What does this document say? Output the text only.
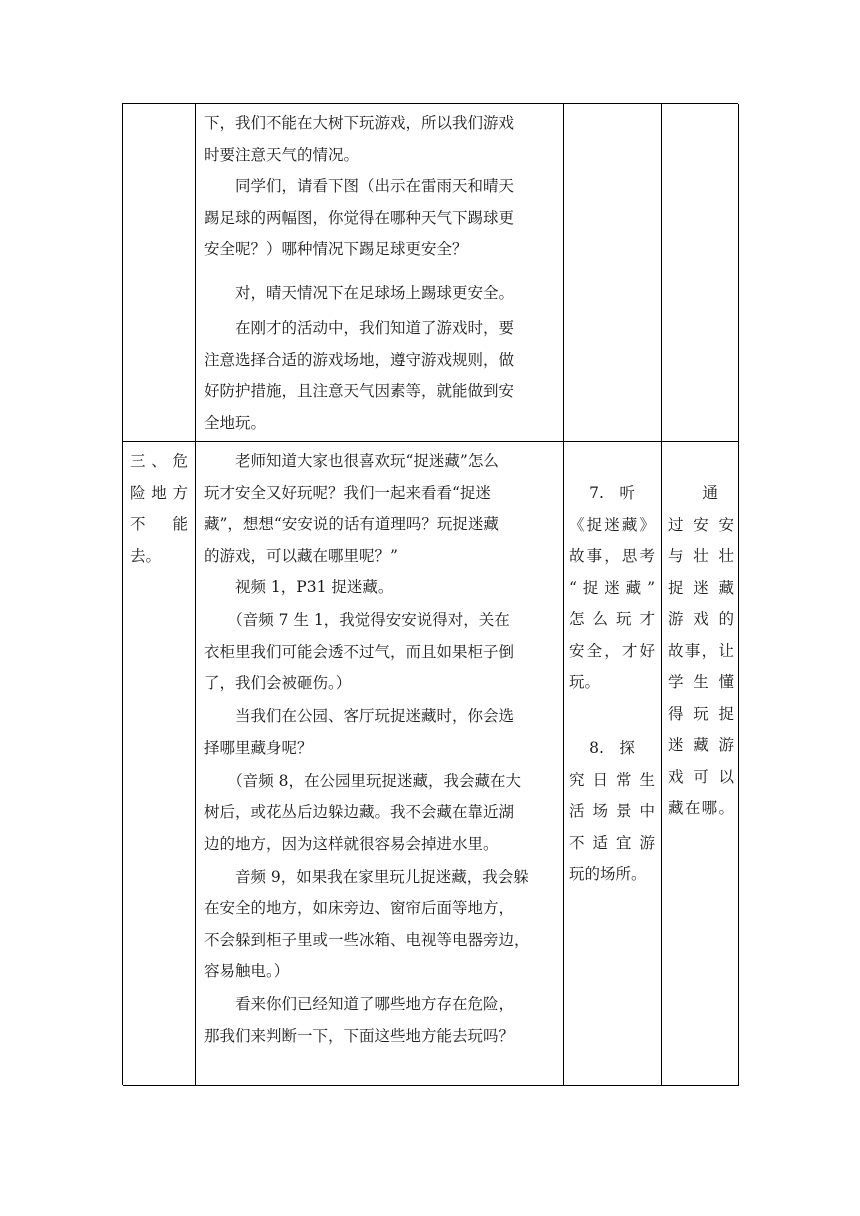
下，我们不能在大树下玩游戏，所以我们游戏
时要注意天气的情况。
　　同学们，请看下图（出示在雷雨天和晴天
踢足球的两幅图，你觉得在哪种天气下踢球更
安全呢？）哪种情况下踢足球更安全？
　　对，晴天情况下在足球场上踢球更安全。
　　在刚才的活动中，我们知道了游戏时，要
注意选择合适的游戏场地，遵守游戏规则，做
好防护措施，且注意天气因素等，就能做到安
全地玩。
三、危
险地方
不　能
去。
　　老师知道大家也很喜欢玩“捉迷藏”怎么
玩才安全又好玩呢？我们一起来看看“捉迷
藏”，想想“安安说的话有道理吗？玩捉迷藏
的游戏，可以藏在哪里呢？”
　　视频 1，P31 捉迷藏。
　　（音频 7 生 1，我觉得安安说得对，关在
衣柜里我们可能会透不过气，而且如果柜子倒
了，我们会被砸伤。）
　　当我们在公园、客厅玩捉迷藏时，你会选
择哪里藏身呢？
　　（音频 8，在公园里玩捉迷藏，我会藏在大
树后，或花丛后边躲边藏。我不会藏在靠近湖
边的地方，因为这样就很容易会掉进水里。
　　音频 9，如果我在家里玩儿捉迷藏，我会躲
在安全的地方，如床旁边、窗帘后面等地方，
不会躲到柜子里或一些冰箱、电视等电器旁边，
容易触电。）
　　看来你们已经知道了哪些地方存在危险，
那我们来判断一下，下面这些地方能去玩吗？
7.　听
《捉迷藏》
故事，思考
“捉迷藏”
怎么玩才
安全，才好
玩。
8.　探
究日常生
活场景中
不适宜游
玩的场所。
通
过安安
与壮壮
捉迷藏
游戏的
故事，让
学生懂
得玩捉
迷藏游
戏可以
藏在哪。
